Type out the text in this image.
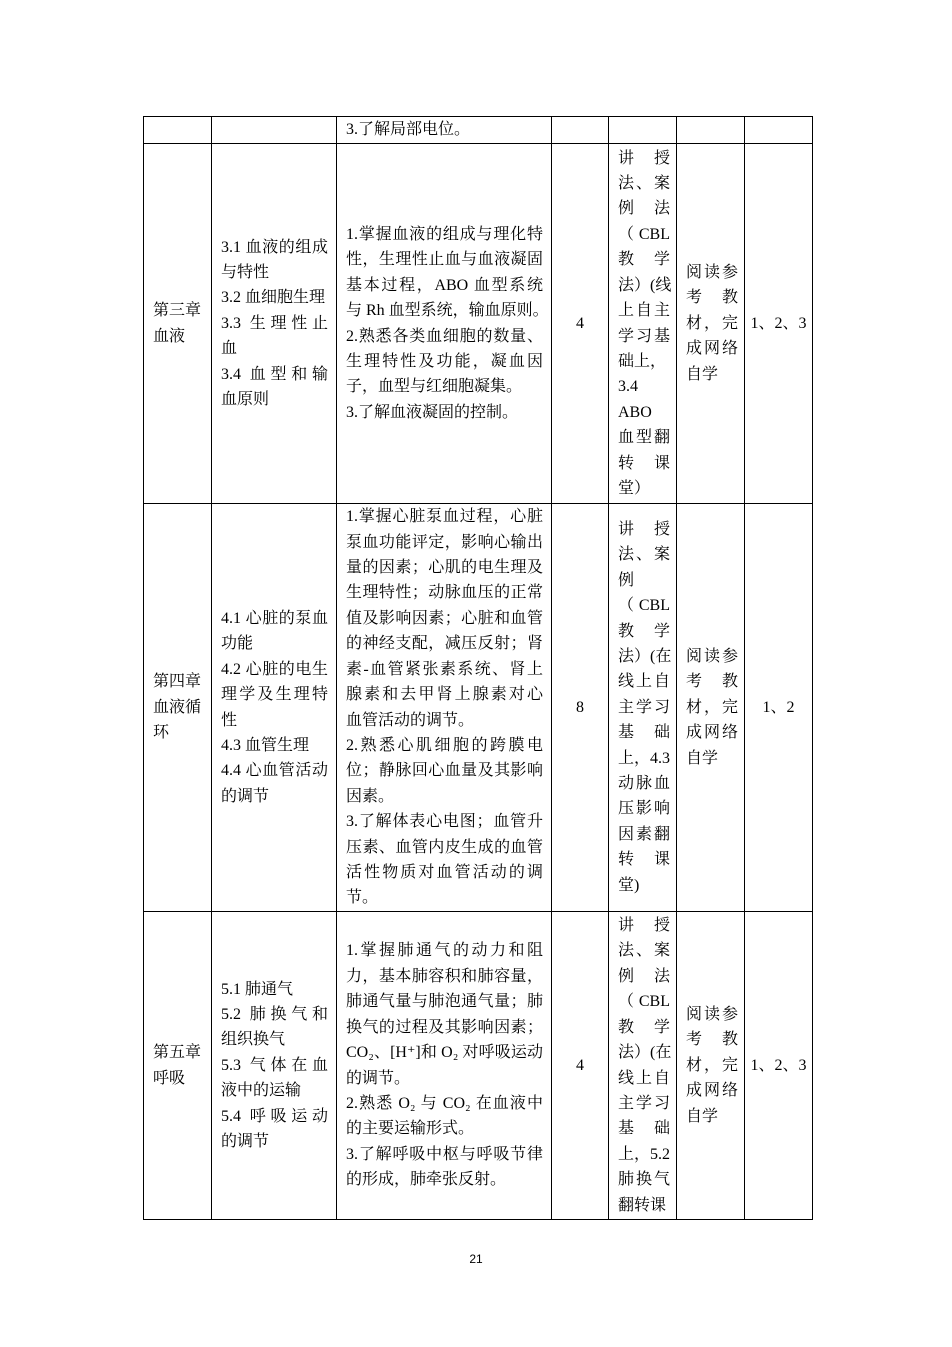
3.了解局部电位。
第三章
血液
3.1 血液的组成
与特性
3.2 血细胞生理
3.3 生理性止
血
3.4 血型和输
血原则
1.掌握血液的组成与理化特
性，生理性止血与血液凝固
基本过程，ABO 血型系统
与 Rh 血型系统，输血原则。
2.熟悉各类血细胞的数量、
生理特性及功能，凝血因
子，血型与红细胞凝集。
3.了解血液凝固的控制。
4
讲 授
法、案
例 法
（CBL
教 学
法）(线
上自主
学习基
础上，
3.4
ABO
血型翻
转 课
堂）
阅读参
考 教
材，完
成网络
自学
1、2、3
第四章
血液循
环
4.1 心脏的泵血
功能
4.2 心脏的电生
理学及生理特
性
4.3 血管生理
4.4 心血管活动
的调节
1.掌握心脏泵血过程，心脏
泵血功能评定，影响心输出
量的因素；心肌的电生理及
生理特性；动脉血压的正常
值及影响因素；心脏和血管
的神经支配，减压反射；肾
素-血管紧张素系统、肾上
腺素和去甲肾上腺素对心
血管活动的调节。
2.熟悉心肌细胞的跨膜电
位；静脉回心血量及其影响
因素。
3.了解体表心电图；血管升
压素、血管内皮生成的血管
活性物质对血管活动的调
节。
8
讲 授
法、案
例
（CBL
教 学
法）(在
线上自
主学习
基 础
上，4.3
动脉血
压影响
因素翻
转 课
堂)
阅读参
考 教
材，完
成网络
自学
1、2
第五章
呼吸
5.1 肺通气
5.2 肺换气和
组织换气
5.3 气体在血
液中的运输
5.4 呼吸运动
的调节
1.掌握肺通气的动力和阻
力，基本肺容积和肺容量，
肺通气量与肺泡通气量；肺
换气的过程及其影响因素；
CO₂、[H⁺]和 O₂ 对呼吸运动
的调节。
2.熟悉 O₂ 与 CO₂ 在血液中
的主要运输形式。
3.了解呼吸中枢与呼吸节律
的形成，肺牵张反射。
4
讲 授
法、案
例 法
（CBL
教 学
法）(在
线上自
主学习
基 础
上，5.2
肺换气
翻转课
阅读参
考 教
材，完
成网络
自学
1、2、3
21
